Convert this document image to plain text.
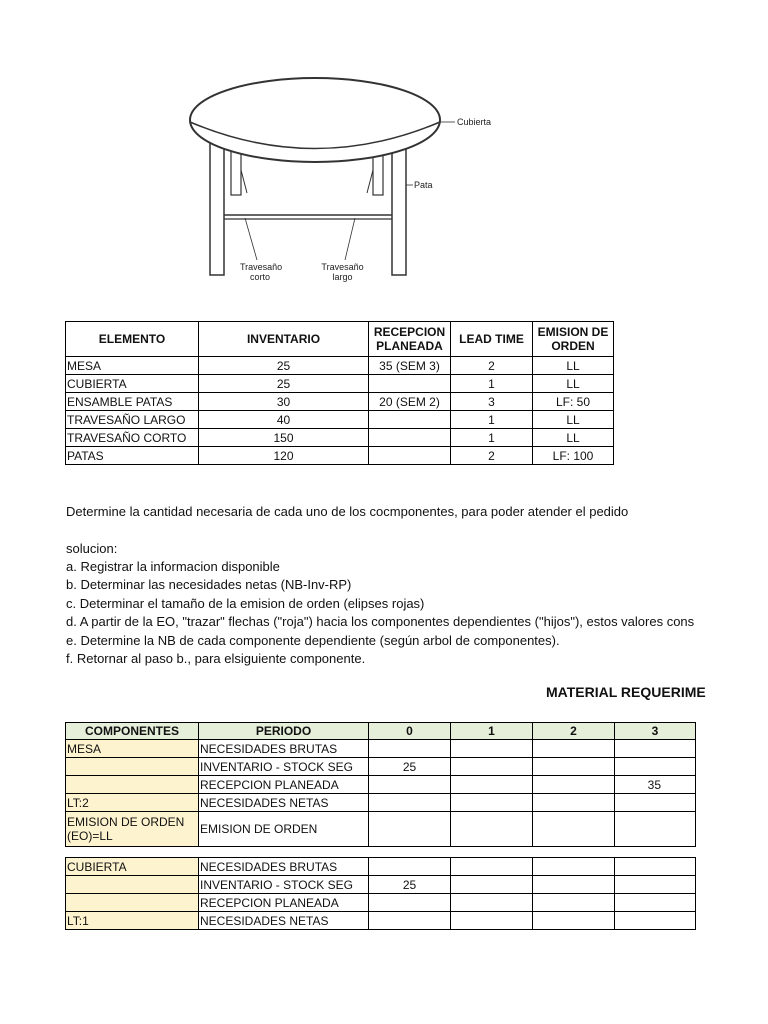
Cubierta
Pata
Travesaño
corto
Travesaño
largo
ELEMENTO	INVENTARIO	RECEPCION PLANEADA	LEAD TIME	EMISION DE ORDEN
MESA	25	35 (SEM 3)	2	LL
CUBIERTA	25		1	LL
ENSAMBLE PATAS	30	20 (SEM 2)	3	LF: 50
TRAVESAÑO LARGO	40		1	LL
TRAVESAÑO CORTO	150		1	LL
PATAS	120		2	LF: 100
Determine la cantidad necesaria de cada uno de los cocmponentes, para poder atender el pedido
solucion:
a. Registrar la informacion disponible
b. Determinar las necesidades netas (NB-Inv-RP)
c. Determinar el tamaño de la emision de orden (elipses rojas)
d. A partir de la EO, "trazar" flechas ("roja") hacia los componentes dependientes ("hijos"), estos valores cons
e. Determine la NB de cada componente dependiente (según arbol de componentes).
f. Retornar al paso b., para elsiguiente componente.
MATERIAL REQUERIME
COMPONENTES	PERIODO	0	1	2	3
MESA	NECESIDADES BRUTAS				
	INVENTARIO - STOCK SEG	25			
	RECEPCION PLANEADA				35
LT:2	NECESIDADES NETAS				
EMISION DE ORDEN (EO)=LL	EMISION DE ORDEN				
CUBIERTA	NECESIDADES BRUTAS				
	INVENTARIO - STOCK SEG	25			
	RECEPCION PLANEADA				
LT:1	NECESIDADES NETAS				
